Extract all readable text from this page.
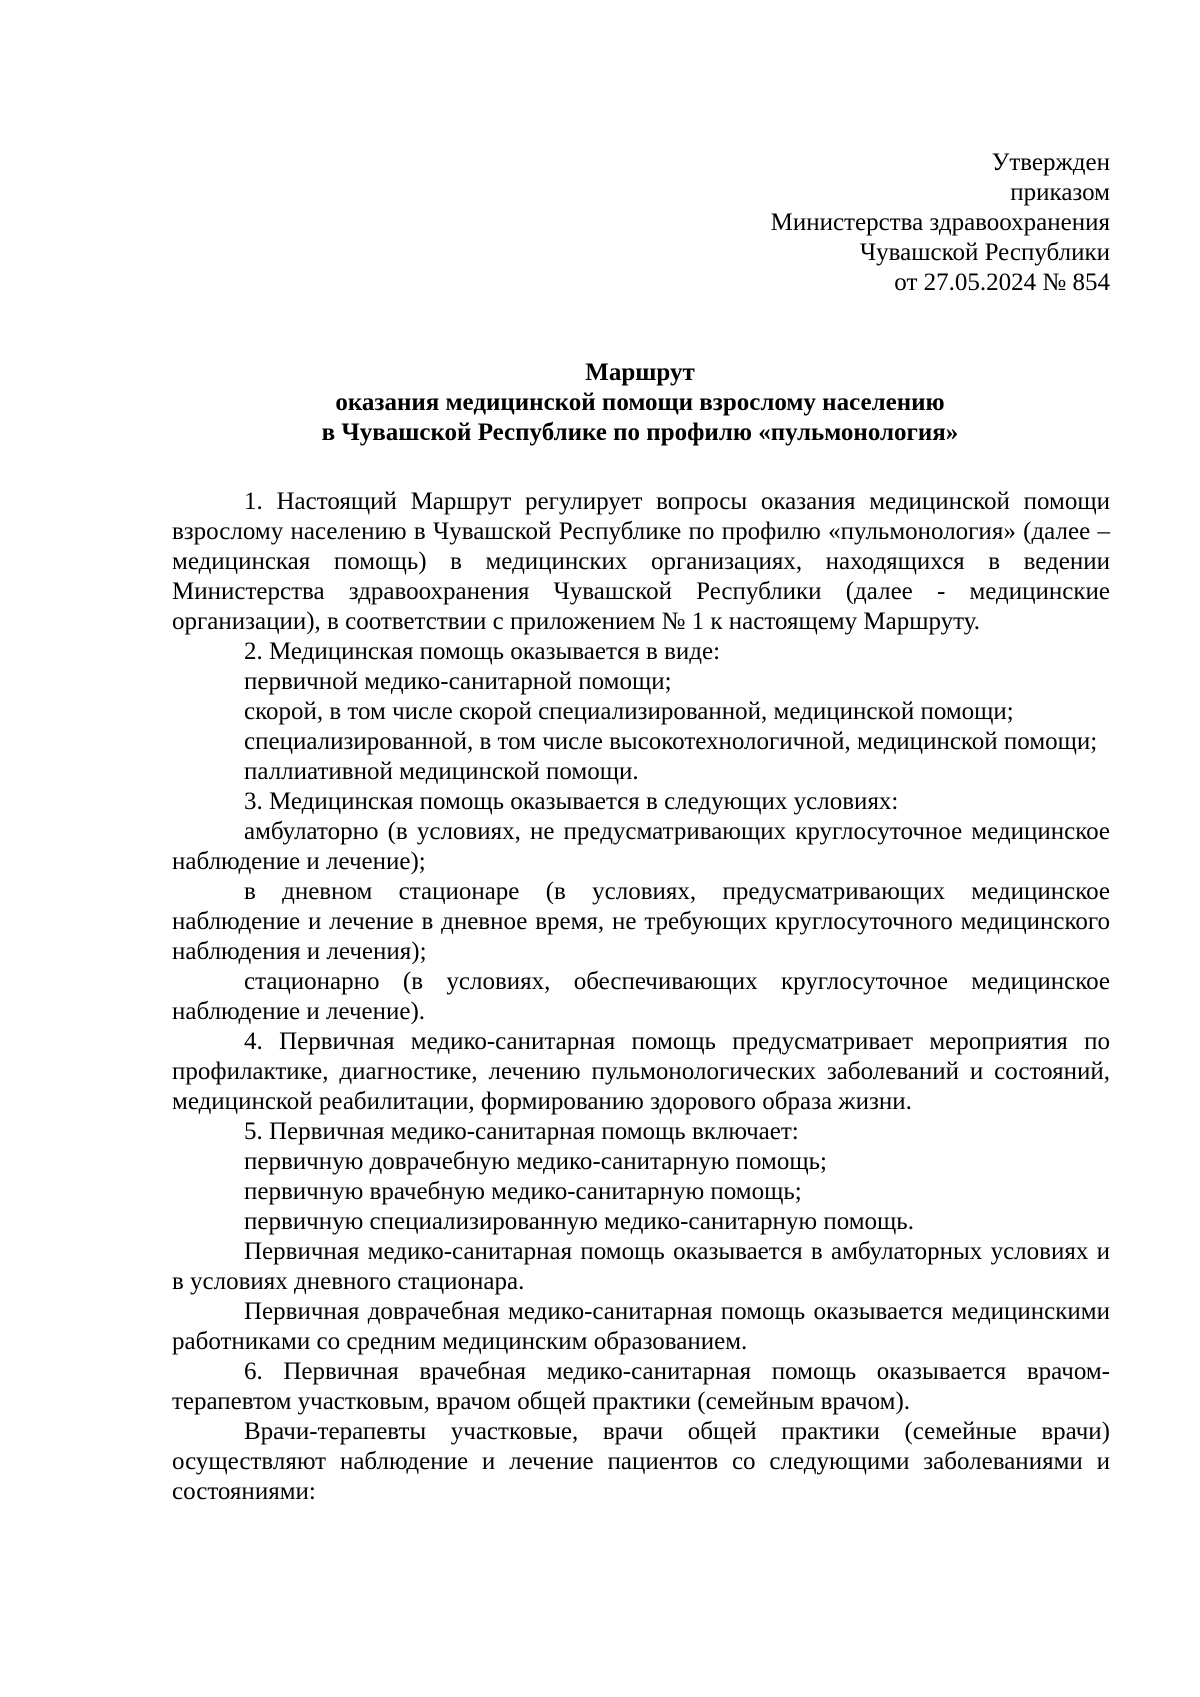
Утвержден
приказом
Министерства здравоохранения
Чувашской Республики
от 27.05.2024 № 854
Маршрут
оказания медицинской помощи взрослому населению
в Чувашской Республике по профилю «пульмонология»

1. Настоящий Маршрут регулирует вопросы оказания медицинской помощи взрослому населению в Чувашской Республике по профилю «пульмонология» (далее – медицинская помощь) в медицинских организациях, находящихся в ведении Министерства здравоохранения Чувашской Республики (далее - медицинские организации), в соответствии с приложением № 1 к настоящему Маршруту.

2. Медицинская помощь оказывается в виде:

первичной медико-санитарной помощи;

скорой, в том числе скорой специализированной, медицинской помощи;

специализированной, в том числе высокотехнологичной, медицинской помощи;

паллиативной медицинской помощи.

3. Медицинская помощь оказывается в следующих условиях:

амбулаторно (в условиях, не предусматривающих круглосуточное медицинское наблюдение и лечение);

в дневном стационаре (в условиях, предусматривающих медицинское наблюдение и лечение в дневное время, не требующих круглосуточного медицинского наблюдения и лечения);

стационарно (в условиях, обеспечивающих круглосуточное медицинское наблюдение и лечение).

4. Первичная медико-санитарная помощь предусматривает мероприятия по профилактике, диагностике, лечению пульмонологических заболеваний и состояний, медицинской реабилитации, формированию здорового образа жизни.

5. Первичная медико-санитарная помощь включает:

первичную доврачебную медико-санитарную помощь;

первичную врачебную медико-санитарную помощь;

первичную специализированную медико-санитарную помощь.

Первичная медико-санитарная помощь оказывается в амбулаторных условиях и в условиях дневного стационара.

Первичная доврачебная медико-санитарная помощь оказывается медицинскими работниками со средним медицинским образованием.

6. Первичная врачебная медико-санитарная помощь оказывается врачом-терапевтом участковым, врачом общей практики (семейным врачом).

Врачи-терапевты участковые, врачи общей практики (семейные врачи) осуществляют наблюдение и лечение пациентов со следующими заболеваниями и состояниями:
